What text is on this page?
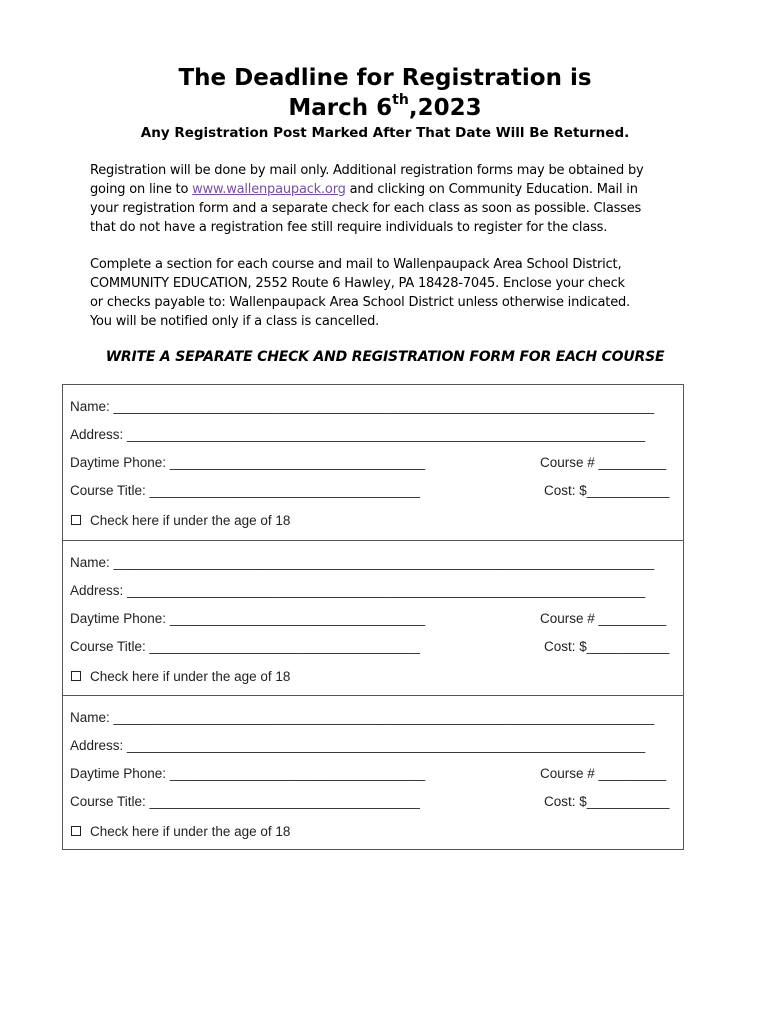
The Deadline for Registration is
March 6th,2023
Any Registration Post Marked After That Date Will Be Returned.
Registration will be done by mail only. Additional registration forms may be obtained by
going on line to www.wallenpaupack.org and clicking on Community Education. Mail in
your registration form and a separate check for each class as soon as possible. Classes
that do not have a registration fee still require individuals to register for the class.
Complete a section for each course and mail to Wallenpaupack Area School District,
COMMUNITY EDUCATION, 2552 Route 6 Hawley, PA 18428-7045. Enclose your check
or checks payable to: Wallenpaupack Area School District unless otherwise indicated.
You will be notified only if a class is cancelled.
WRITE A SEPARATE CHECK AND REGISTRATION FORM FOR EACH COURSE
Name: ________________________________________________________________________
Address: _____________________________________________________________________
Daytime Phone: __________________________________	Course # _________
Course Title: ____________________________________	Cost: $___________
Check here if under the age of 18
Name: ________________________________________________________________________
Address: _____________________________________________________________________
Daytime Phone: __________________________________	Course # _________
Course Title: ____________________________________	Cost: $___________
Check here if under the age of 18
Name: ________________________________________________________________________
Address: _____________________________________________________________________
Daytime Phone: __________________________________	Course # _________
Course Title: ____________________________________	Cost: $___________
Check here if under the age of 18
